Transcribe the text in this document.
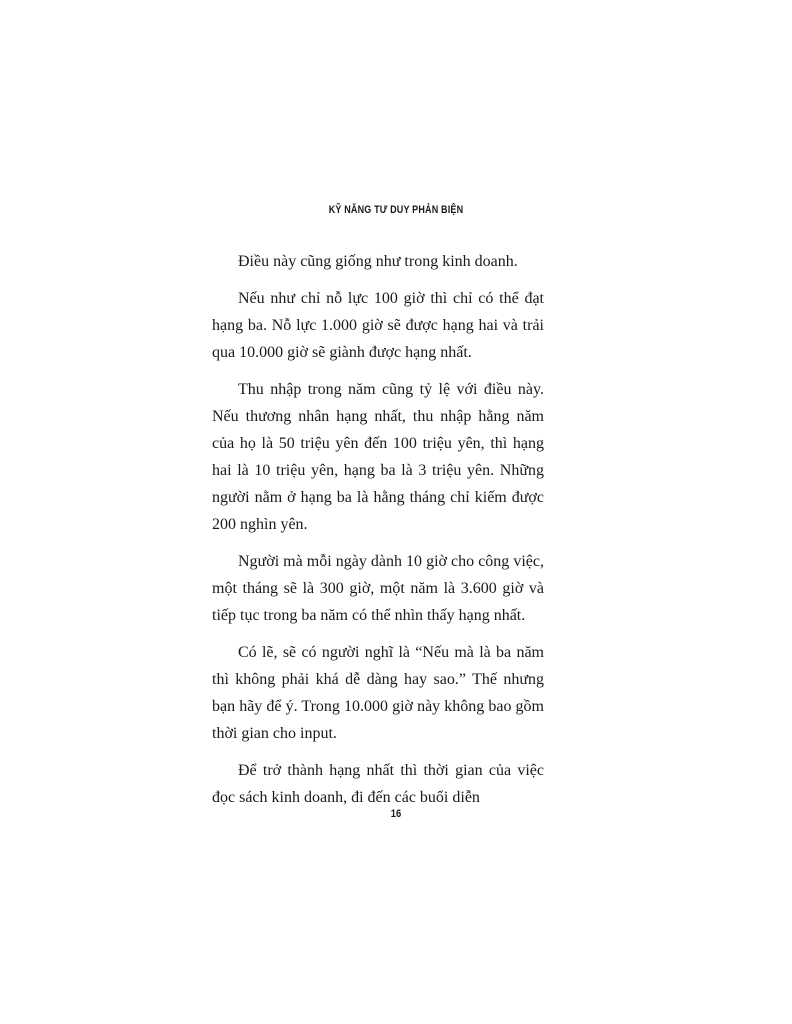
KỸ NĂNG TƯ DUY PHẢN BIỆN

Điều này cũng giống như trong kinh doanh.

Nếu như chỉ nỗ lực 100 giờ thì chỉ có thể đạt hạng ba. Nỗ lực 1.000 giờ sẽ được hạng hai và trải qua 10.000 giờ sẽ giành được hạng nhất.

Thu nhập trong năm cũng tỷ lệ với điều này. Nếu thương nhân hạng nhất, thu nhập hằng năm của họ là 50 triệu yên đến 100 triệu yên, thì hạng hai là 10 triệu yên, hạng ba là 3 triệu yên. Những người nằm ở hạng ba là hằng tháng chỉ kiếm được 200 nghìn yên.

Người mà mỗi ngày dành 10 giờ cho công việc, một tháng sẽ là 300 giờ, một năm là 3.600 giờ và tiếp tục trong ba năm có thể nhìn thấy hạng nhất.

Có lẽ, sẽ có người nghĩ là “Nếu mà là ba năm thì không phải khá dễ dàng hay sao.” Thế nhưng bạn hãy để ý. Trong 10.000 giờ này không bao gồm thời gian cho input.

Để trở thành hạng nhất thì thời gian của việc đọc sách kinh doanh, đi đến các buổi diễn

16
